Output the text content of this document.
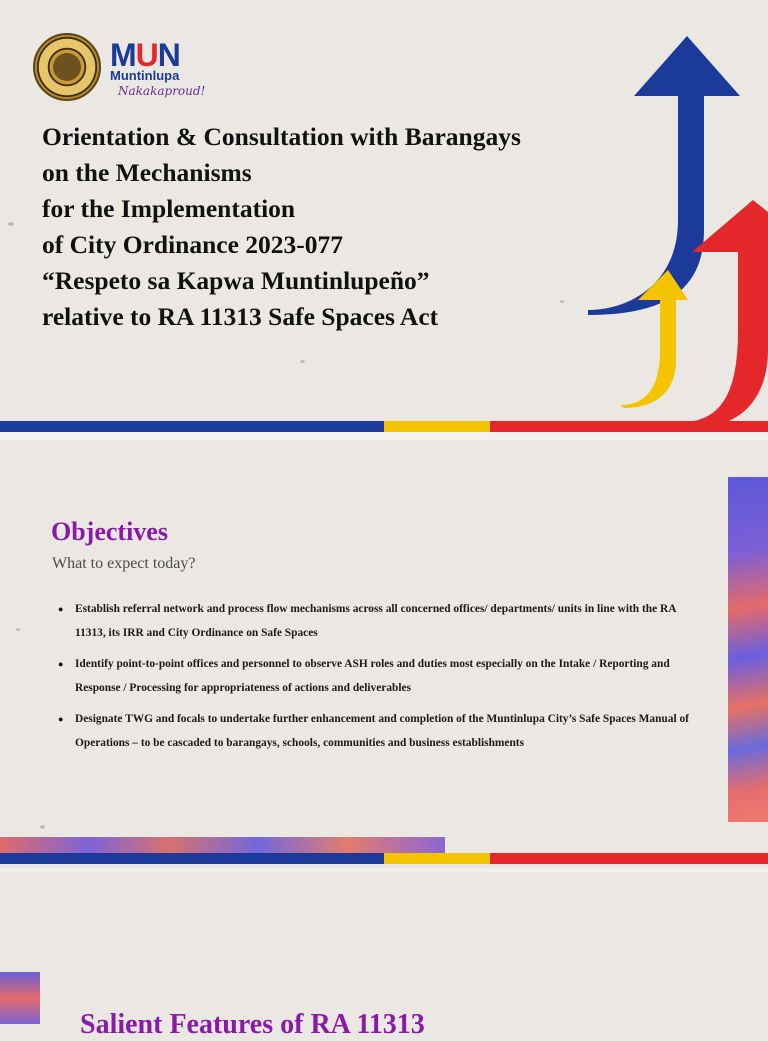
MUN
Muntinlupa
Nakakaproud!
Orientation & Consultation with Barangays
on the Mechanisms
for the Implementation
of City Ordinance 2023-077
“Respeto sa Kapwa Muntinlupeño”
relative to RA 11313 Safe Spaces Act
Objectives
What to expect today?
● Establish referral network and process flow mechanisms across all concerned offices/ departments/ units in line with the RA 11313, its IRR and City Ordinance on Safe Spaces
● Identify point-to-point offices and personnel to observe ASH roles and duties most especially on the Intake / Reporting and Response / Processing for appropriateness of actions and deliverables
● Designate TWG and focals to undertake further enhancement and completion of the Muntinlupa City’s Safe Spaces Manual of Operations – to be cascaded to barangays, schools, communities and business establishments
Salient Features of RA 11313
